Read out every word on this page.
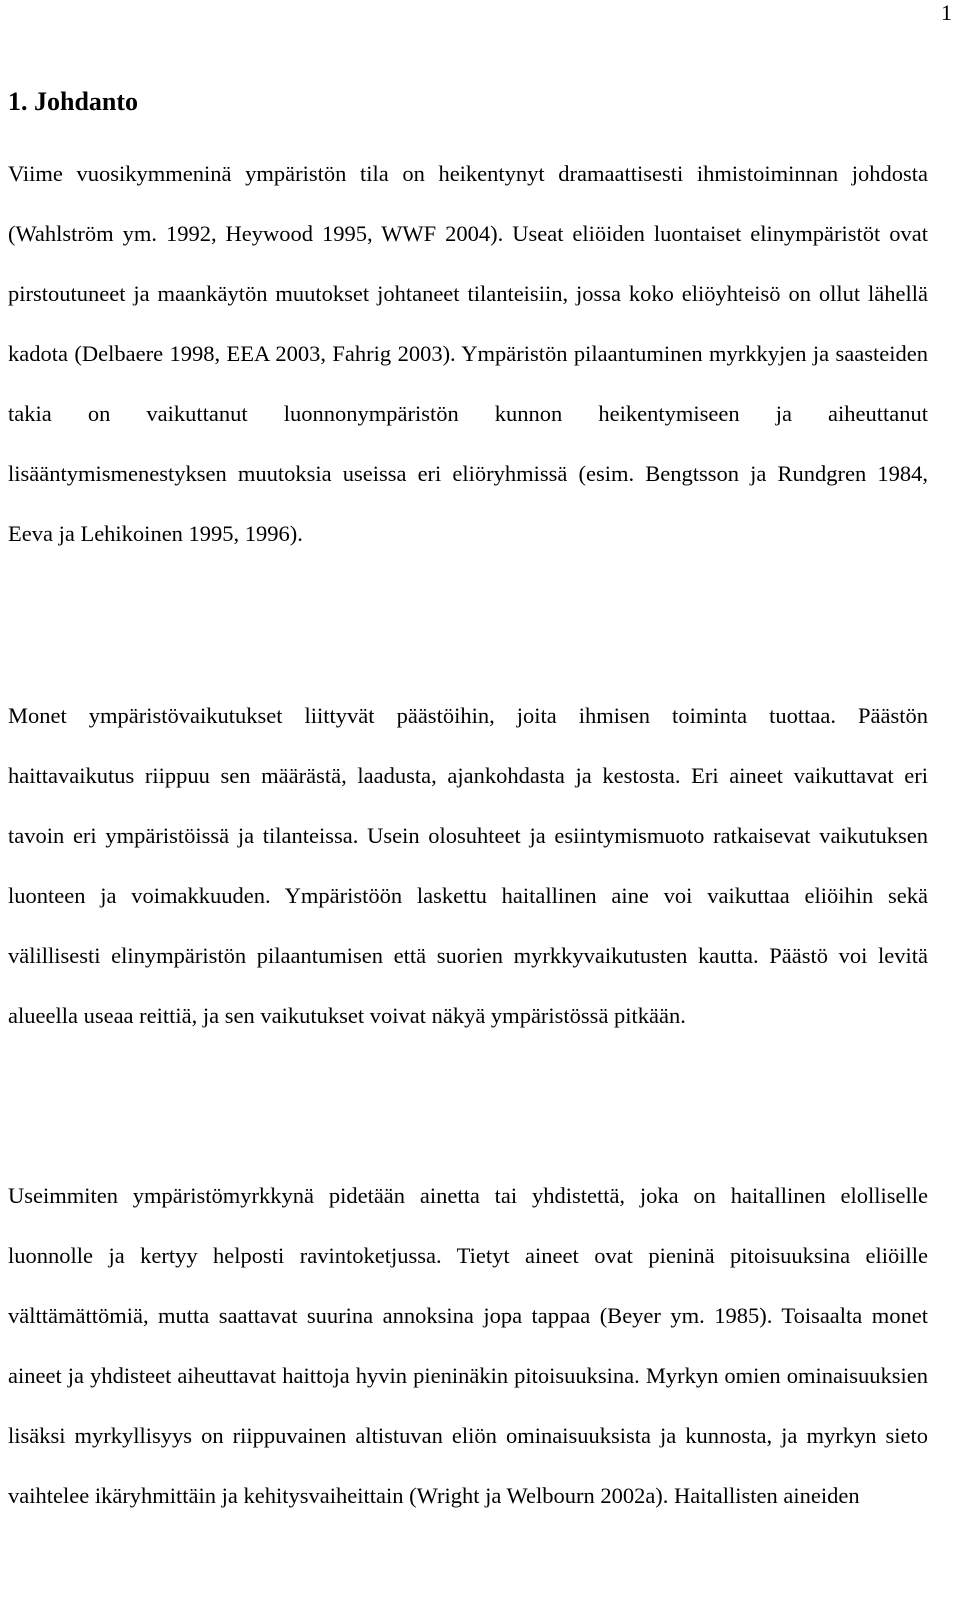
1
1. Johdanto

Viime vuosikymmeninä ympäristön tila on heikentynyt dramaattisesti ihmistoiminnan johdosta (Wahlström ym. 1992, Heywood 1995, WWF 2004). Useat eliöiden luontaiset elinympäristöt ovat pirstoutuneet ja maankäytön muutokset johtaneet tilanteisiin, jossa koko eliöyhteisö on ollut lähellä kadota (Delbaere 1998, EEA 2003, Fahrig 2003). Ympäristön pilaantuminen myrkkyjen ja saasteiden takia on vaikuttanut luonnonympäristön kunnon heikentymiseen ja aiheuttanut lisääntymismenestyksen muutoksia useissa eri eliöryhmissä (esim. Bengtsson ja Rundgren 1984, Eeva ja Lehikoinen 1995, 1996).

Monet ympäristövaikutukset liittyvät päästöihin, joita ihmisen toiminta tuottaa. Päästön haittavaikutus riippuu sen määrästä, laadusta, ajankohdasta ja kestosta. Eri aineet vaikuttavat eri tavoin eri ympäristöissä ja tilanteissa. Usein olosuhteet ja esiintymismuoto ratkaisevat vaikutuksen luonteen ja voimakkuuden. Ympäristöön laskettu haitallinen aine voi vaikuttaa eliöihin sekä välillisesti elinympäristön pilaantumisen että suorien myrkkyvaikutusten kautta. Päästö voi levitä alueella useaa reittiä, ja sen vaikutukset voivat näkyä ympäristössä pitkään.

Useimmiten ympäristömyrkkynä pidetään ainetta tai yhdistettä, joka on haitallinen elolliselle luonnolle ja kertyy helposti ravintoketjussa. Tietyt aineet ovat pieninä pitoisuuksina eliöille välttämättömiä, mutta saattavat suurina annoksina jopa tappaa (Beyer ym. 1985). Toisaalta monet aineet ja yhdisteet aiheuttavat haittoja hyvin pieninäkin pitoisuuksina. Myrkyn omien ominaisuuksien lisäksi myrkyllisyys on riippuvainen altistuvan eliön ominaisuuksista ja kunnosta, ja myrkyn sieto vaihtelee ikäryhmittäin ja kehitysvaiheittain (Wright ja Welbourn 2002a). Haitallisten aineiden
